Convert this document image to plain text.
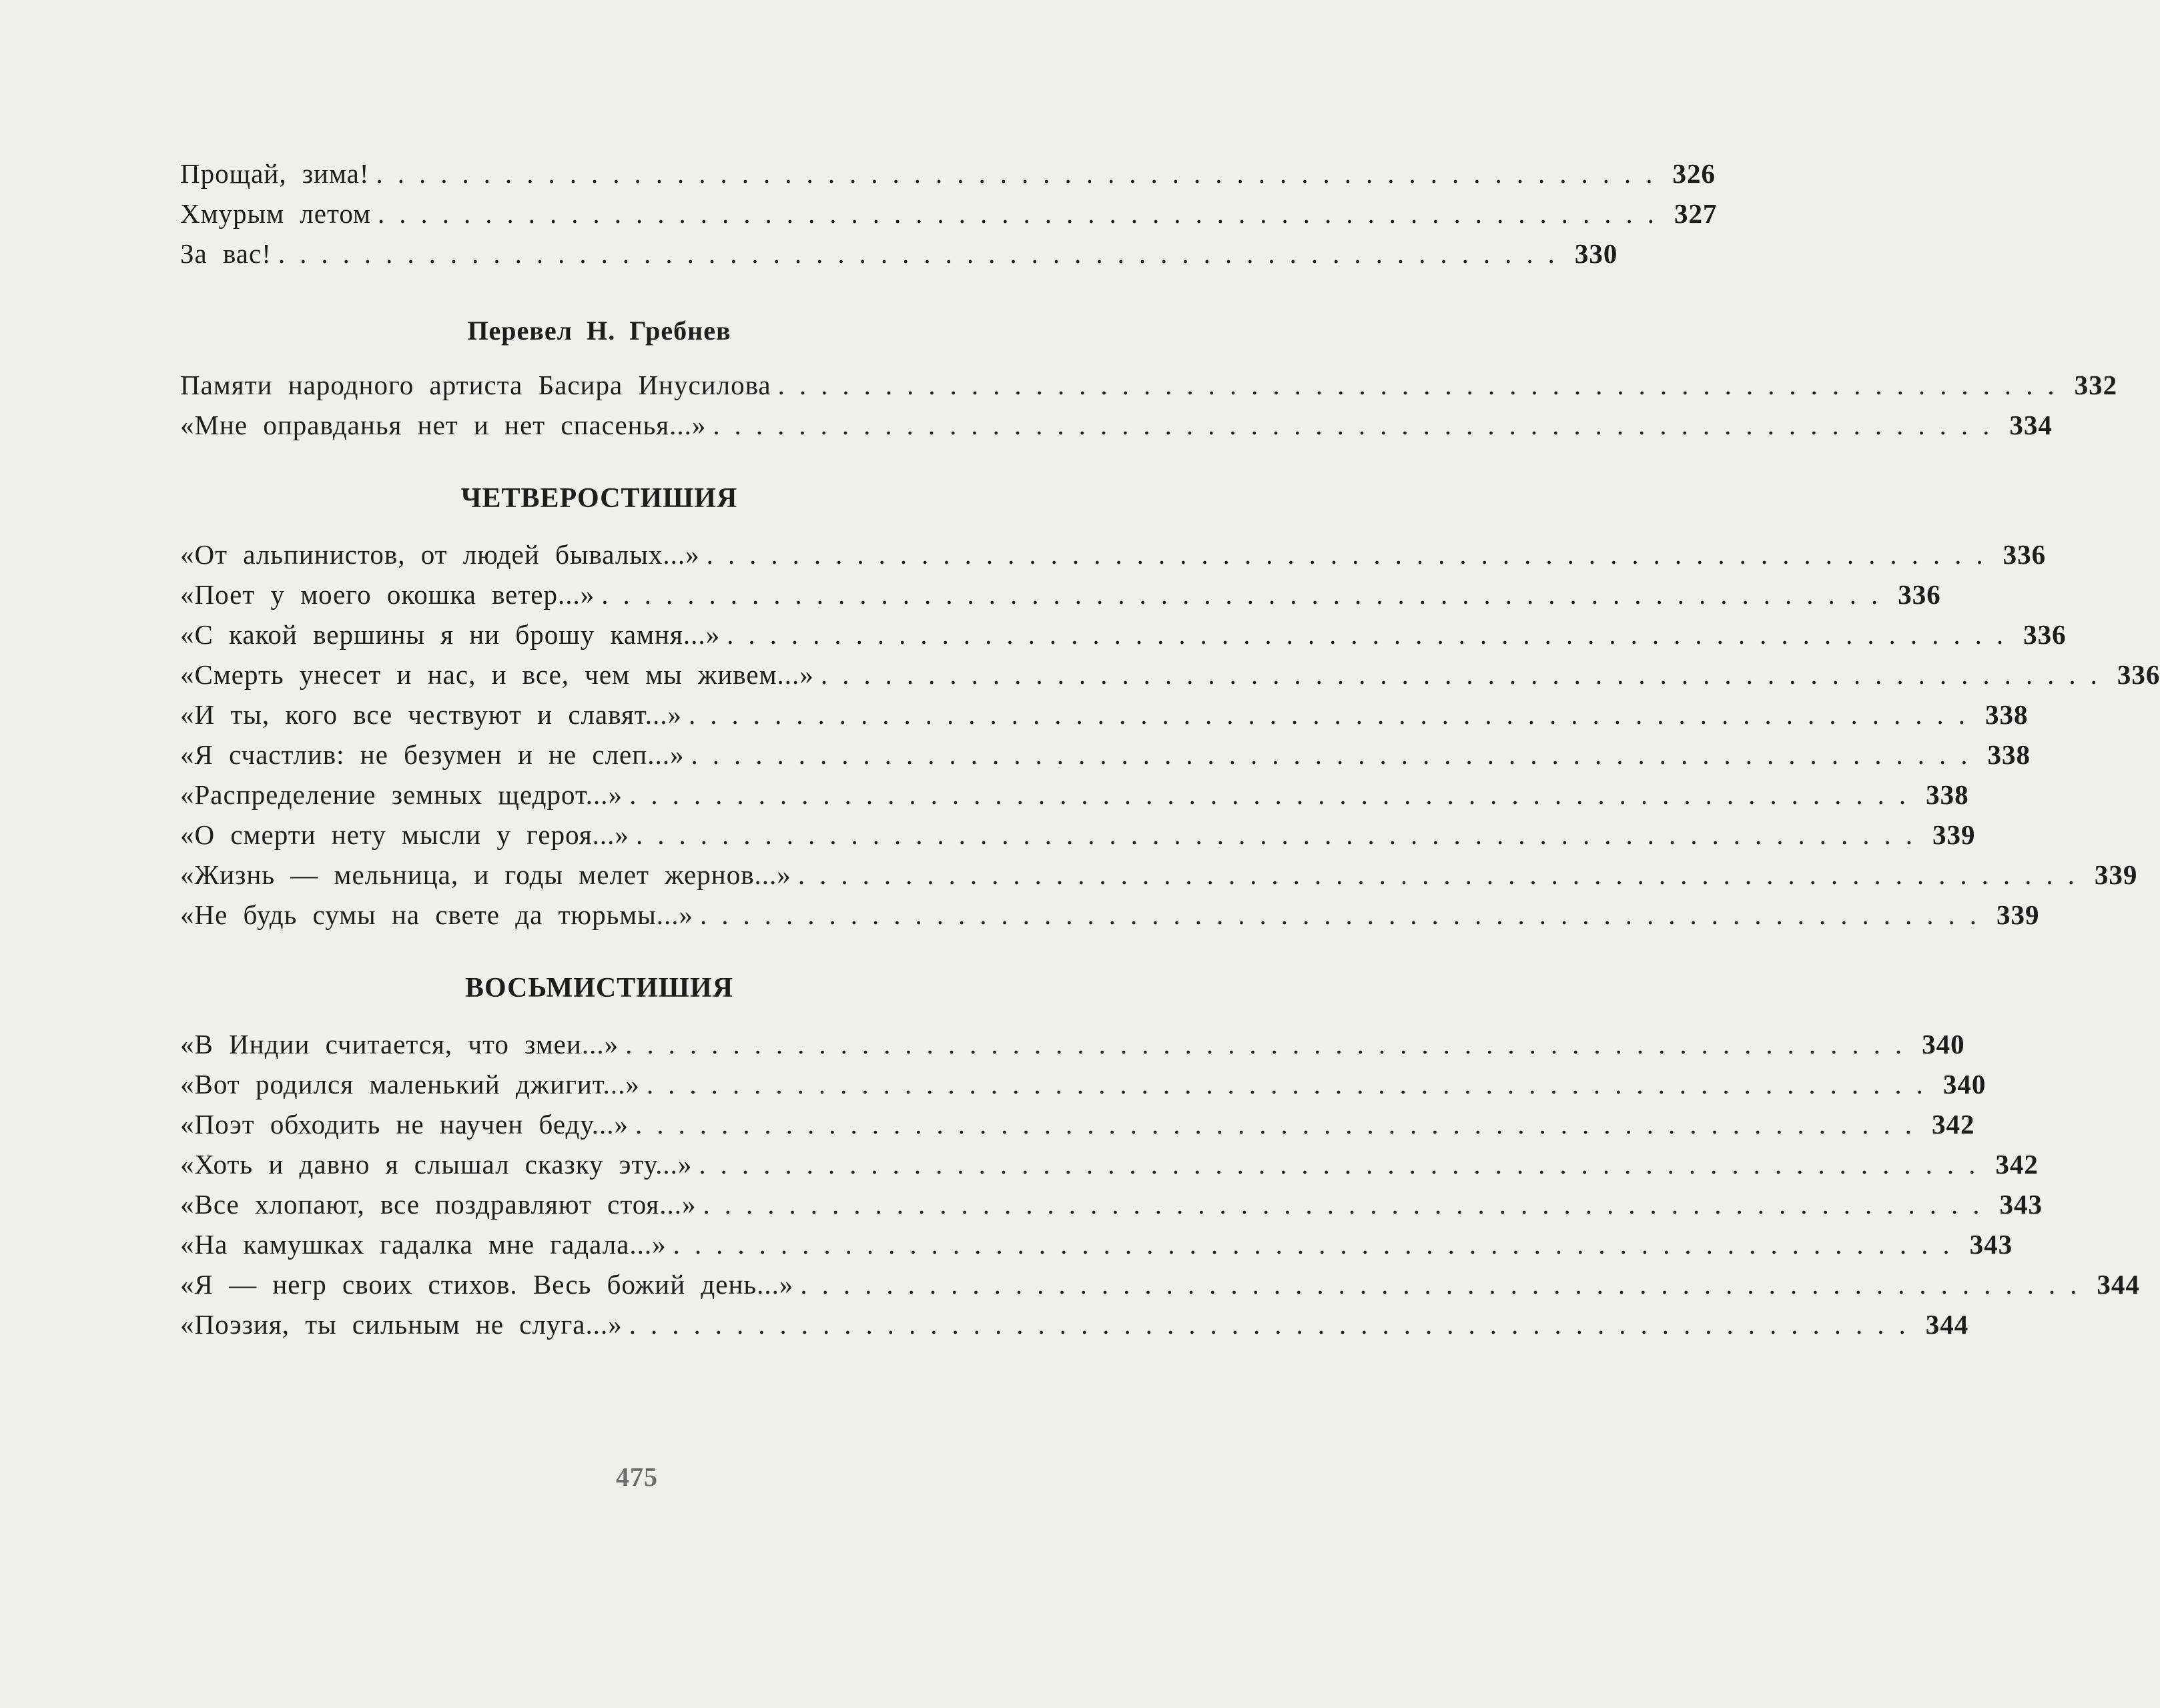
Прощай, зима! ............................................................ 326
Хмурым летом ............................................................ 327
За вас! ............................................................ 330
Перевел Н. Гребнев
Памяти народного артиста Басира Инусилова ............................................................ 332
«Мне оправданья нет и нет спасенья...» ............................................................ 334
ЧЕТВЕРОСТИШИЯ
«От альпинистов, от людей бывалых...» ............................................................ 336
«Поет у моего окошка ветер...» ............................................................ 336
«С какой вершины я ни брошу камня...» ............................................................ 336
«Смерть унесет и нас, и все, чем мы живем...» ............................................................ 336
«И ты, кого все чествуют и славят...» ............................................................ 338
«Я счастлив: не безумен и не слеп...» ............................................................ 338
«Распределение земных щедрот...» ............................................................ 338
«О смерти нету мысли у героя...» ............................................................ 339
«Жизнь — мельница, и годы мелет жернов...» ............................................................ 339
«Не будь сумы на свете да тюрьмы...» ............................................................ 339
ВОСЬМИСТИШИЯ
«В Индии считается, что змеи...» ............................................................ 340
«Вот родился маленький джигит...» ............................................................ 340
«Поэт обходить не научен беду...» ............................................................ 342
«Хоть и давно я слышал сказку эту...» ............................................................ 342
«Все хлопают, все поздравляют стоя...» ............................................................ 343
«На камушках гадалка мне гадала...» ............................................................ 343
«Я — негр своих стихов. Весь божий день...» ............................................................ 344
«Поэзия, ты сильным не слуга...» ............................................................ 344
475
